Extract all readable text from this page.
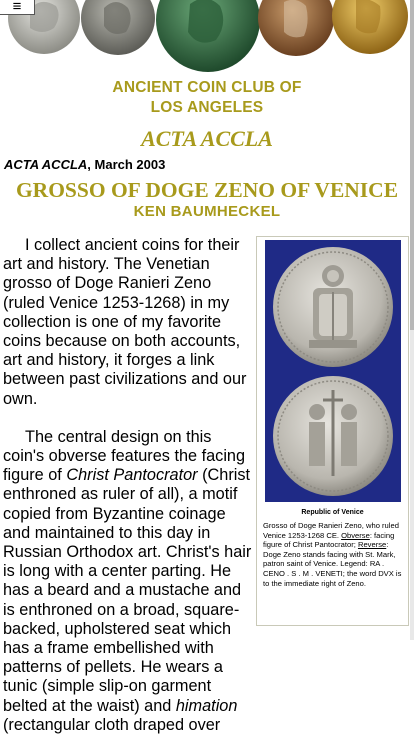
≡
ANCIENT COIN CLUB OF
LOS ANGELES
ACTA ACCLA
ACTA ACCLA, March 2003
GROSSO OF DOGE ZENO OF VENICE
KEN BAUMHECKEL

I collect ancient coins for their art and history. The Venetian grosso of Doge Ranieri Zeno (ruled Venice 1253-1268) in my collection is one of my favorite coins because on both accounts, art and history, it forges a link between past civilizations and our own.

The central design on this coin's obverse features the facing figure of Christ Pantocrator (Christ enthroned as ruler of all), a motif copied from Byzantine coinage and maintained to this day in Russian Orthodox art. Christ's hair is long with a center parting. He has a beard and a mustache and is enthroned on a broad, square-backed, upholstered seat which has a frame embellished with patterns of pellets. He wears a tunic (simple slip-on garment belted at the waist) and himation (rectangular cloth draped over

Republic of Venice
Grosso of Doge Ranieri Zeno, who ruled Venice 1253-1268 CE. Obverse: facing figure of Christ Pantocrator; Reverse: Doge Zeno stands facing with St. Mark, patron saint of Venice. Legend: RA . CENO . S . M . VENETI; the word DVX is to the immediate right of Zeno.
